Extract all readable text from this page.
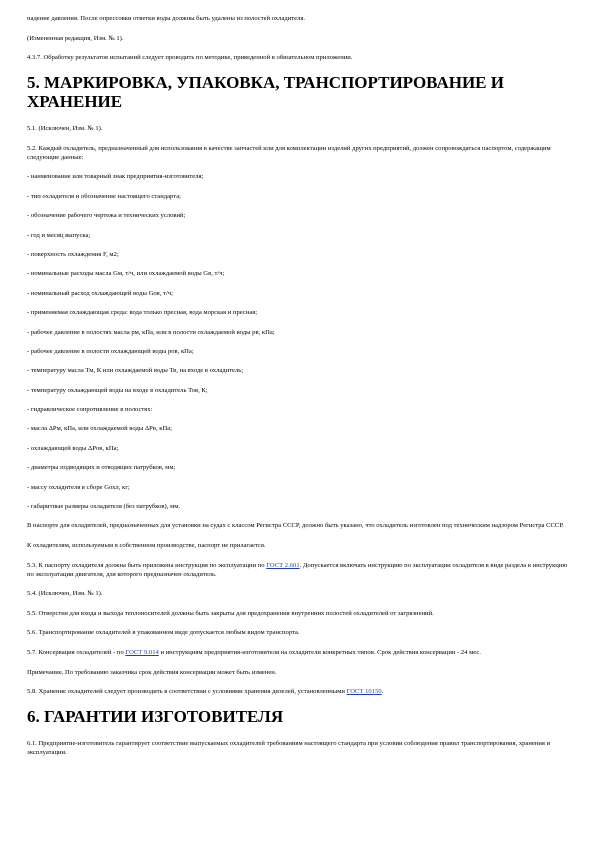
падение давления. После опрессовки отвeтки воды должны быть удалены из полостей охладителя.

(Измененная редакция, Изм. № 1).

4.3.7. Обработку результатов испытаний следует проводить по методике, приведенной в обязательном приложении.

5. МАРКИРОВКА, УПАКОВКА, ТРАНСПОРТИРОВАНИЕ И ХРАНЕНИЕ

5.1. (Исключен, Изм. № 1).

5.2. Каждый охладитель, предназначенный для использования в качестве запчастей или для комплектации изделий других предприятий, должен сопровождаться паспортом, содержащим следующие данные:

- наименование или товарный знак предприятия-изготовителя;

- тип охладителя и обозначение настоящего стандарта;

- обозначение рабочего чертежа и технических условий;

- год и месяц выпуска;

- поверхность охлаждения F, м2;

- номинальные расходы масла Gм, т/ч, или охлаждаемой воды Gв, т/ч;

- номинальный расход охлаждающей воды Gов, т/ч;

- применяемая охлаждающая среда: вода только пресная, вода морская и пресная;

- рабочее давление в полостях масла pм, кПа, или в полости охлаждаемой воды pв, кПа;

- рабочее давление в полости охлаждающей воды pов, кПа;

- температуру масла Тм, К или охлаждаемой воды Тв, на входе в охладитель;

- температуру охлаждающей воды на входе в охладитель Тов, К;

- гидравлическое сопротивление в полостях:

- масла ΔPм, кПа, или охлаждаемой воды ΔPв, кПа;

- охлаждающей воды ΔPов, кПа;

- диаметры подводящих и отводящих патрубков, мм;

- массу охладителя в сборе Gохл, кг;

- габаритные размеры охладителя (без патрубков), мм.

В паспорте для охладителей, предназначенных для установки на судах с классом Регистра СССР, должно быть указано, что охладитель изготовлен под техническим надзором Регистра СССР.

К охладителям, используемым в собственном производстве, паспорт не прилагается.

5.3. К паспорту охладителя должна быть приложена инструкция по эксплуатации по ГОСТ 2.601. Допускается включать инструкцию по эксплуатации охладителя в виде раздела в инструкцию по эксплуатации двигателя, для которого предназначен охладитель.

5.4. (Исключен, Изм. № 1).

5.5. Отверстия для входа и выхода теплоносителей должны быть закрыты для предохранения внутренних полостей охладителей от загрязнений.

5.6. Транспортирование охладителей в упакованном виде допускается любым видом транспорта.

5.7. Консервация охладителей - по ГОСТ 9.014 и инструкциям предприятия-изготовителя на охладители конкретных типов. Срок действия консервации - 24 мес.

Примечание. По требованию заказчика срок действия консервации может быть изменен.

5.8. Хранение охладителей следует производить в соответствии с условиями хранения дизелей, установленными ГОСТ 10150.

6. ГАРАНТИИ ИЗГОТОВИТЕЛЯ

6.1. Предприятие-изготовитель гарантирует соответствие выпускаемых охладителей требованиям настоящего стандарта при условии соблюдения правил транспортирования, хранения и эксплуатации.
